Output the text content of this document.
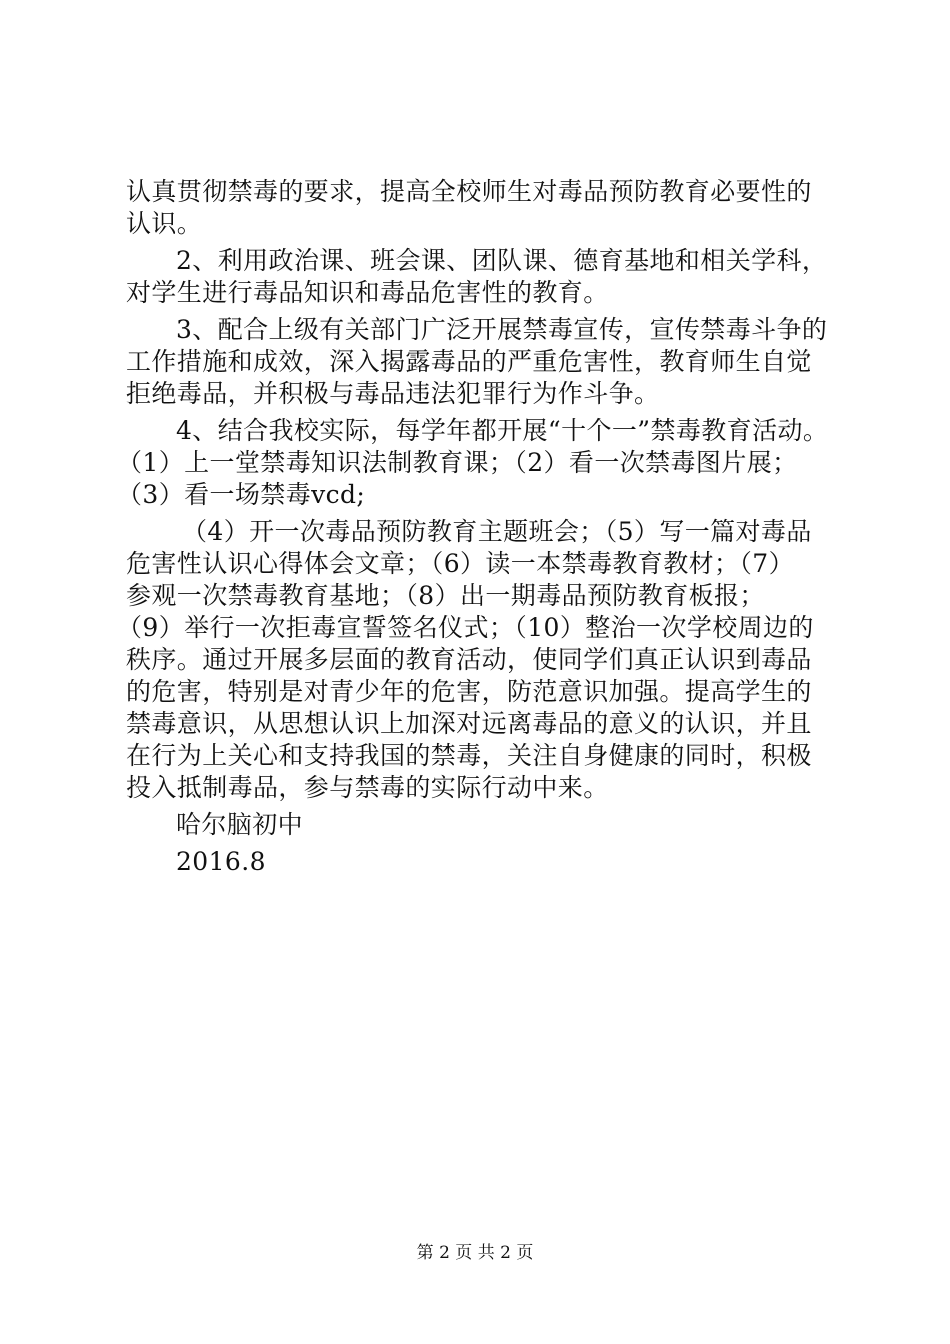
认真贯彻禁毒的要求，提高全校师生对毒品预防教育必要性的
认识。
2、利用政治课、班会课、团队课、德育基地和相关学科，
对学生进行毒品知识和毒品危害性的教育。
3、配合上级有关部门广泛开展禁毒宣传，宣传禁毒斗争的
工作措施和成效，深入揭露毒品的严重危害性，教育师生自觉
拒绝毒品，并积极与毒品违法犯罪行为作斗争。
4、结合我校实际，每学年都开展“十个一”禁毒教育活动。
（1）上一堂禁毒知识法制教育课；（2）看一次禁毒图片展；
（3）看一场禁毒vcd;
（4）开一次毒品预防教育主题班会；（5）写一篇对毒品
危害性认识心得体会文章；（6）读一本禁毒教育教材；（7）
参观一次禁毒教育基地；（8）出一期毒品预防教育板报；
（9）举行一次拒毒宣誓签名仪式；（10）整治一次学校周边的
秩序。通过开展多层面的教育活动，使同学们真正认识到毒品
的危害，特别是对青少年的危害，防范意识加强。提高学生的
禁毒意识，从思想认识上加深对远离毒品的意义的认识，并且
在行为上关心和支持我国的禁毒，关注自身健康的同时，积极
投入抵制毒品，参与禁毒的实际行动中来。
哈尔脑初中
2016.8
第 2 页 共 2 页
